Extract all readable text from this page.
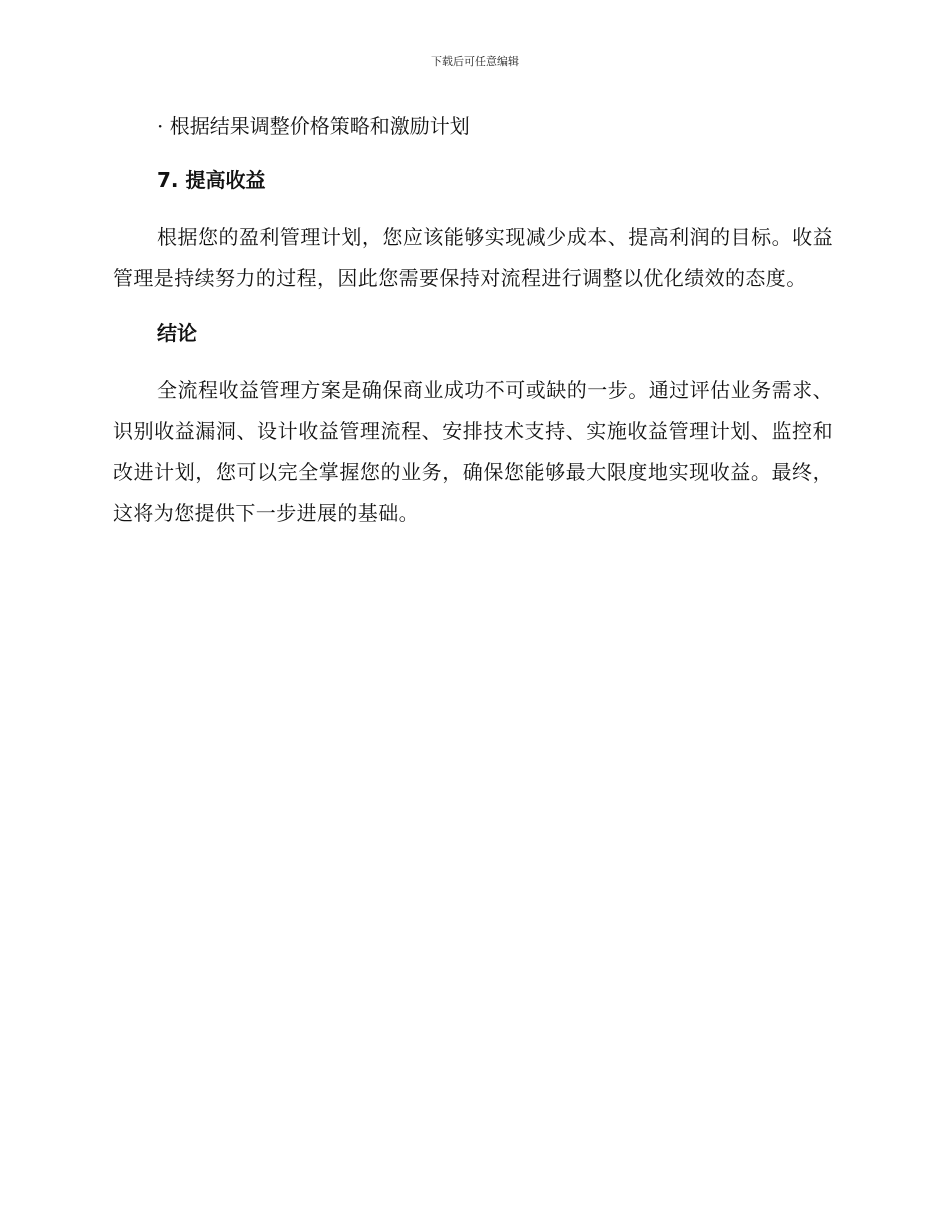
下载后可任意编辑

· 根据结果调整价格策略和激励计划

7. 提高收益

根据您的盈利管理计划，您应该能够实现减少成本、提高利润的目标。收益管理是持续努力的过程，因此您需要保持对流程进行调整以优化绩效的态度。

结论

全流程收益管理方案是确保商业成功不可或缺的一步。通过评估业务需求、识别收益漏洞、设计收益管理流程、安排技术支持、实施收益管理计划、监控和改进计划，您可以完全掌握您的业务，确保您能够最大限度地实现收益。最终，这将为您提供下一步进展的基础。
